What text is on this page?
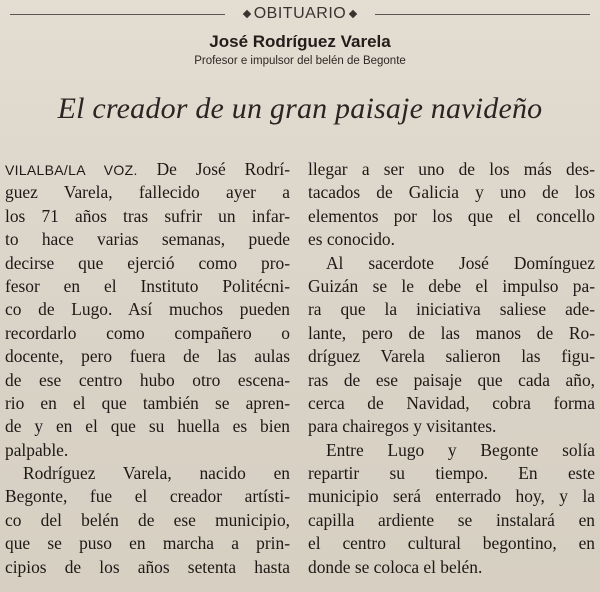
OBITUARIO
José Rodríguez Varela
Profesor e impulsor del belén de Begonte
El creador de un gran paisaje navideño
VILALBA/LA VOZ. De José Rodrí-
guez Varela, fallecido ayer a
los 71 años tras sufrir un infar-
to hace varias semanas, puede
decirse que ejerció como pro-
fesor en el Instituto Politécni-
co de Lugo. Así muchos pueden
recordarlo como compañero o
docente, pero fuera de las aulas
de ese centro hubo otro escena-
rio en el que también se apren-
de y en el que su huella es bien
palpable.
Rodríguez Varela, nacido en
Begonte, fue el creador artísti-
co del belén de ese municipio,
que se puso en marcha a prin-
cipios de los años setenta hasta
llegar a ser uno de los más des-
tacados de Galicia y uno de los
elementos por los que el concello
es conocido.
Al sacerdote José Domínguez
Guizán se le debe el impulso pa-
ra que la iniciativa saliese ade-
lante, pero de las manos de Ro-
dríguez Varela salieron las figu-
ras de ese paisaje que cada año,
cerca de Navidad, cobra forma
para chairegos y visitantes.
Entre Lugo y Begonte solía
repartir su tiempo. En este
municipio será enterrado hoy, y la
capilla ardiente se instalará en
el centro cultural begontino, en
donde se coloca el belén.
